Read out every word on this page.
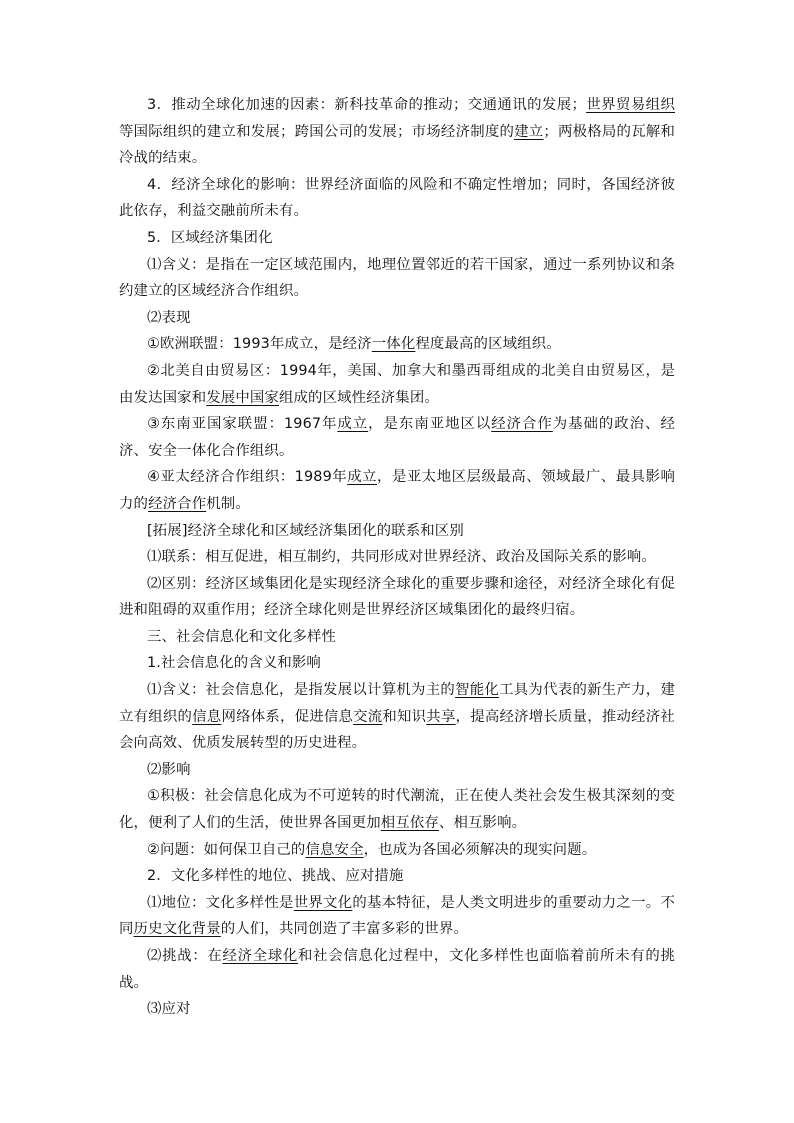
3．推动全球化加速的因素：新科技革命的推动；交通通讯的发展；世界贸易组织等国际组织的建立和发展；跨国公司的发展；市场经济制度的建立；两极格局的瓦解和冷战的结束。

4．经济全球化的影响：世界经济面临的风险和不确定性增加；同时，各国经济彼此依存，利益交融前所未有。

5．区域经济集团化

⑴含义：是指在一定区域范围内，地理位置邻近的若干国家，通过一系列协议和条约建立的区域经济合作组织。

⑵表现

①欧洲联盟：1993年成立，是经济一体化程度最高的区域组织。

②北美自由贸易区：1994年，美国、加拿大和墨西哥组成的北美自由贸易区，是由发达国家和发展中国家组成的区域性经济集团。

③东南亚国家联盟：1967年成立，是东南亚地区以经济合作为基础的政治、经济、安全一体化合作组织。

④亚太经济合作组织：1989年成立，是亚太地区层级最高、领域最广、最具影响力的经济合作机制。

[拓展]经济全球化和区域经济集团化的联系和区别

⑴联系：相互促进，相互制约，共同形成对世界经济、政治及国际关系的影响。

⑵区别：经济区域集团化是实现经济全球化的重要步骤和途径，对经济全球化有促进和阻碍的双重作用；经济全球化则是世界经济区域集团化的最终归宿。

三、社会信息化和文化多样性

1.社会信息化的含义和影响

⑴含义：社会信息化，是指发展以计算机为主的智能化工具为代表的新生产力，建立有组织的信息网络体系，促进信息交流和知识共享，提高经济增长质量，推动经济社会向高效、优质发展转型的历史进程。

⑵影响

①积极：社会信息化成为不可逆转的时代潮流，正在使人类社会发生极其深刻的变化，便利了人们的生活，使世界各国更加相互依存、相互影响。

②问题：如何保卫自己的信息安全，也成为各国必须解决的现实问题。

2．文化多样性的地位、挑战、应对措施

⑴地位：文化多样性是世界文化的基本特征，是人类文明进步的重要动力之一。不同历史文化背景的人们，共同创造了丰富多彩的世界。

⑵挑战：在经济全球化和社会信息化过程中，文化多样性也面临着前所未有的挑战。

⑶应对
